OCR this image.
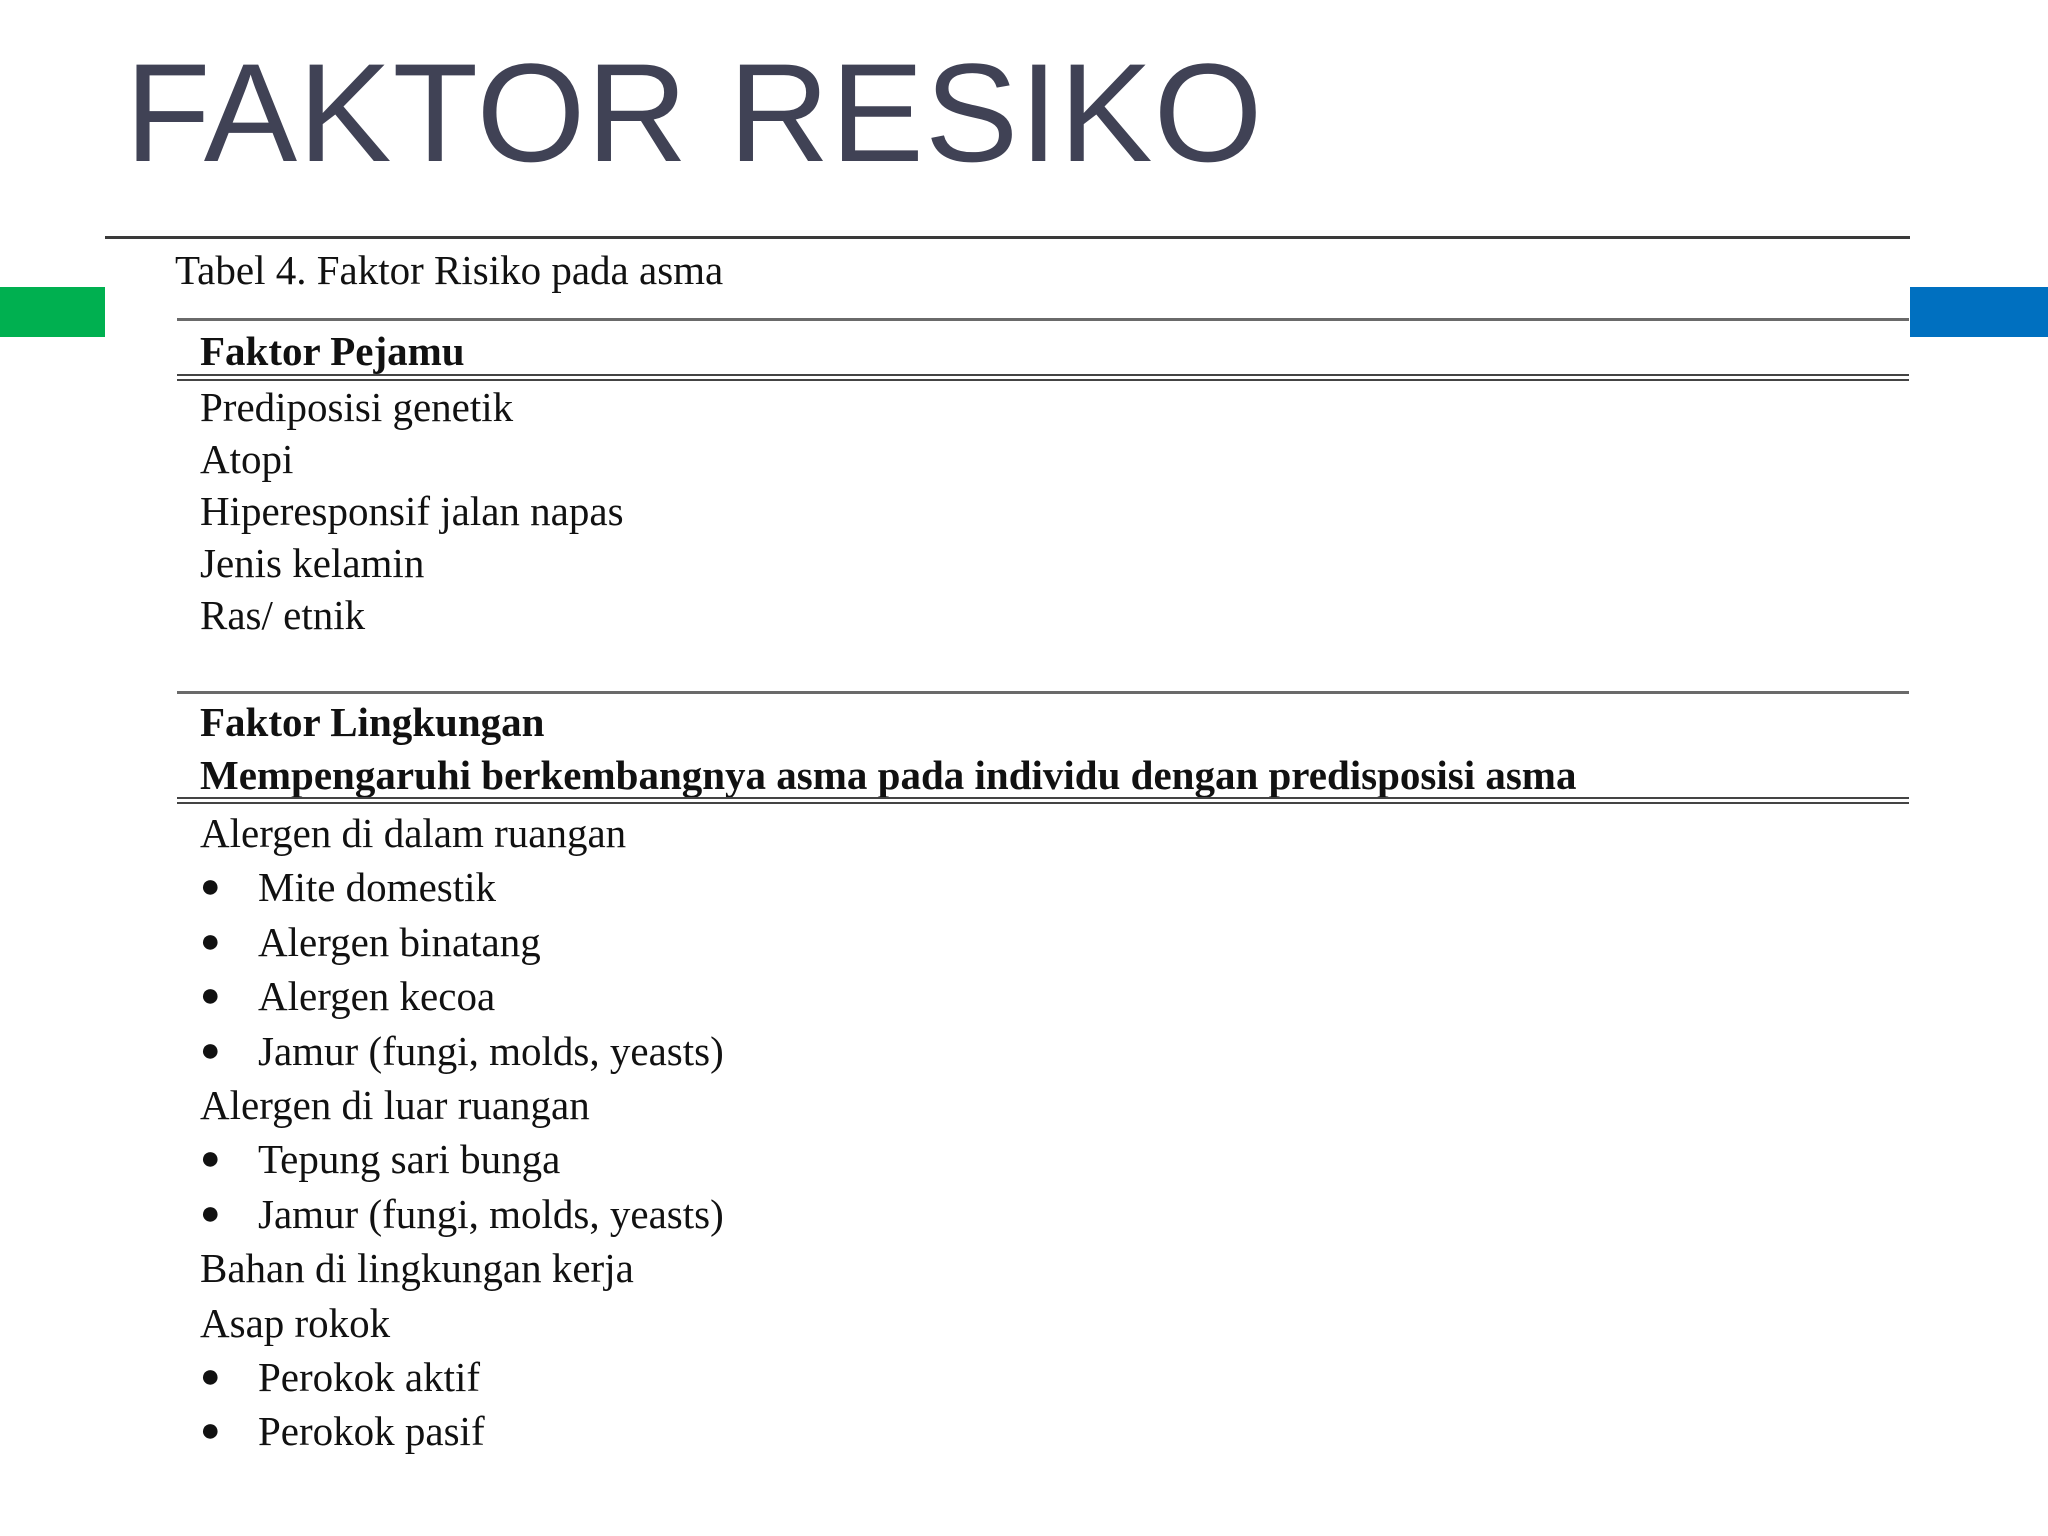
FAKTOR RESIKO

Tabel 4. Faktor Risiko pada asma

Faktor Pejamu

Prediposisi genetik
Atopi
Hiperesponsif jalan napas
Jenis kelamin
Ras/ etnik

Faktor Lingkungan

Mempengaruhi berkembangnya asma pada individu dengan predisposisi asma

Alergen di dalam ruangan
● Mite domestik
● Alergen binatang
● Alergen kecoa
● Jamur (fungi, molds, yeasts)
Alergen di luar ruangan
● Tepung sari bunga
● Jamur (fungi, molds, yeasts)
Bahan di lingkungan kerja
Asap rokok
● Perokok aktif
● Perokok pasif
